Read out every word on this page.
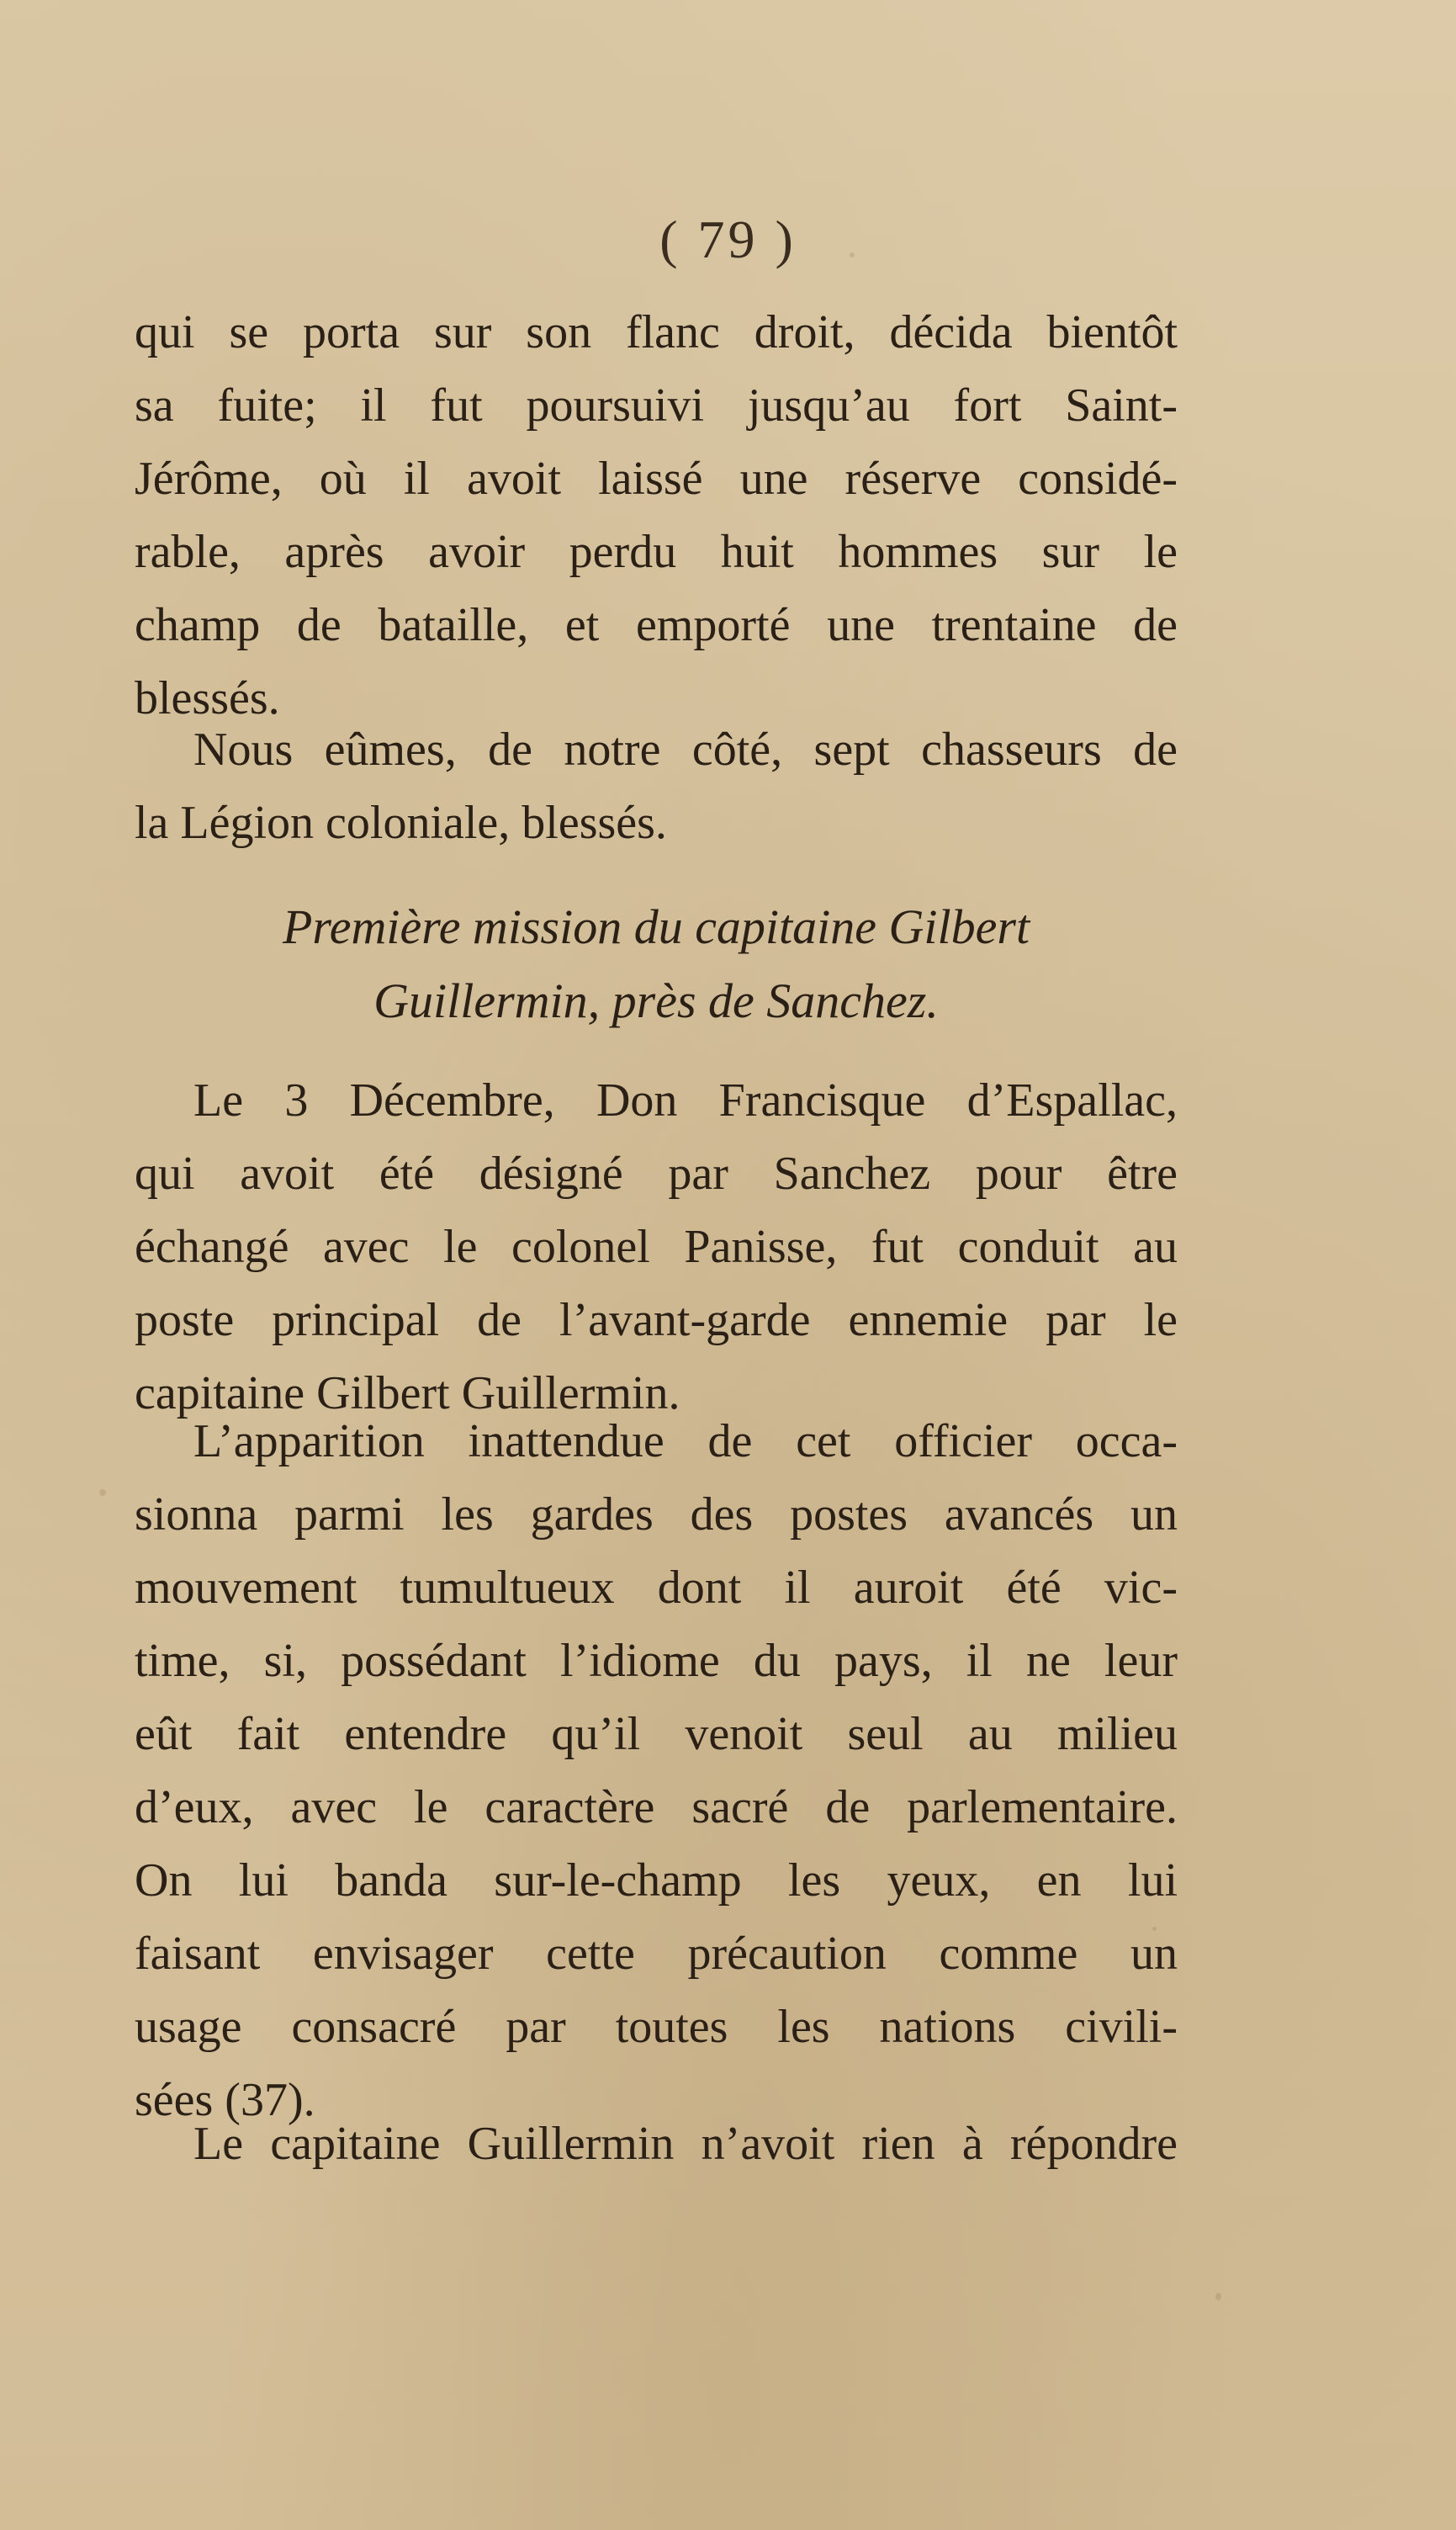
( 79 )
qui se porta sur son flanc droit, décida bientôt
sa fuite; il fut poursuivi jusqu’au fort Saint-
Jérôme, où il avoit laissé une réserve considé-
rable, après avoir perdu huit hommes sur le
champ de bataille, et emporté une trentaine de
blessés.
Nous eûmes, de notre côté, sept chasseurs de
la Légion coloniale, blessés.
Première mission du capitaine Gilbert
Guillermin, près de Sanchez.
Le 3 Décembre, Don Francisque d’Espallac,
qui avoit été désigné par Sanchez pour être
échangé avec le colonel Panisse, fut conduit au
poste principal de l’avant-garde ennemie par le
capitaine Gilbert Guillermin.
L’apparition inattendue de cet officier occa-
sionna parmi les gardes des postes avancés un
mouvement tumultueux dont il auroit été vic-
time, si, possédant l’idiome du pays, il ne leur
eût fait entendre qu’il venoit seul au milieu
d’eux, avec le caractère sacré de parlementaire.
On lui banda sur-le-champ les yeux, en lui
faisant envisager cette précaution comme un
usage consacré par toutes les nations civili-
sées (37).
Le capitaine Guillermin n’avoit rien à répondre
